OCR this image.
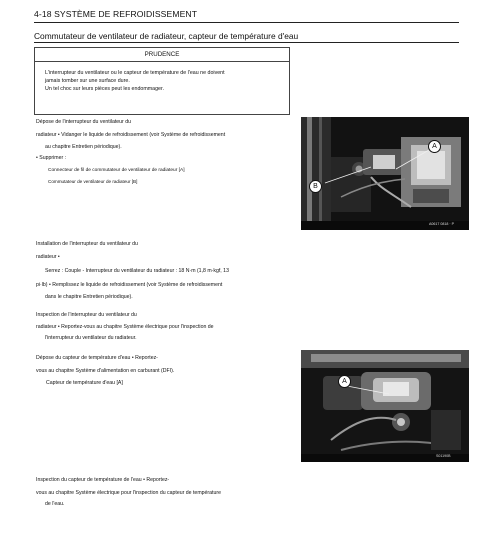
4-18 SYSTÈME DE REFROIDISSEMENT
Commutateur de ventilateur de radiateur, capteur de température d'eau
PRUDENCE
L'interrupteur du ventilateur ou le capteur de température de l'eau ne doivent
jamais tomber sur une surface dure.
Un tel choc sur leurs pièces peut les endommager.
Dépose de l'interrupteur du ventilateur du
radiateur • Vidanger le liquide de refroidissement (voir Système de refroidissement
au chapitre Entretien périodique).
• Supprimer :
Connecteur de fil de commutateur de ventilateur de radiateur [A]
Commutateur de ventilateur de radiateur [B]
A
B
A0617 0818 · P
Installation de l'interrupteur du ventilateur du
radiateur •
Serrez : Couple - Interrupteur du ventilateur du radiateur : 18 N·m (1,8 m·kgf, 13
pi·lb) • Remplissez le liquide de refroidissement (voir Système de refroidissement
dans le chapitre Entretien périodique).
Inspection de l'interrupteur du ventilateur du
radiateur • Reportez-vous au chapitre Système électrique pour l'inspection de
l'interrupteur du ventilateur du radiateur.
Dépose du capteur de température d'eau • Reportez-
vous au chapitre Système d'alimentation en carburant (DFI).
Capteur de température d'eau [A]	A
S01190B
Inspection du capteur de température de l'eau • Reportez-
vous au chapitre Système électrique pour l'inspection du capteur de température
de l'eau.
